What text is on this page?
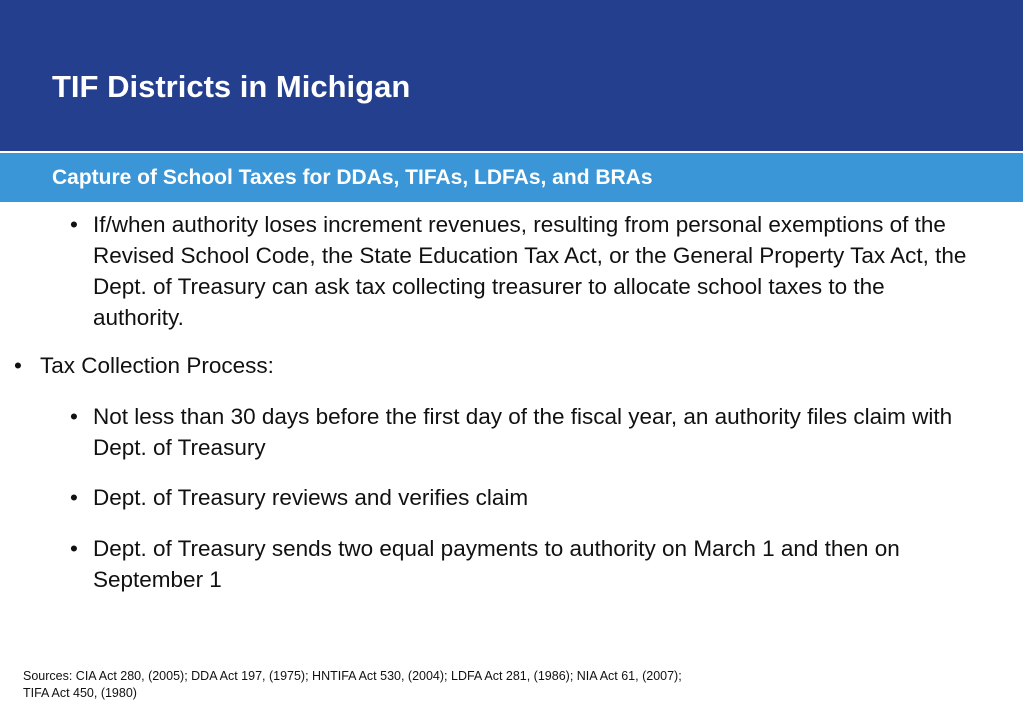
TIF Districts in Michigan
Capture of School Taxes for DDAs, TIFAs, LDFAs, and BRAs
• If/when authority loses increment revenues, resulting from personal exemptions of the Revised School Code, the State Education Tax Act, or the General Property Tax Act, the Dept. of Treasury can ask tax collecting treasurer to allocate school taxes to the authority.
• Tax Collection Process:
• Not less than 30 days before the first day of the fiscal year, an authority files claim with Dept. of Treasury
• Dept. of Treasury reviews and verifies claim
• Dept. of Treasury sends two equal payments to authority on March 1 and then on September 1
Sources: CIA Act 280, (2005); DDA Act 197, (1975); HNTIFA Act 530, (2004); LDFA Act 281, (1986); NIA Act 61, (2007);
TIFA Act 450, (1980)
